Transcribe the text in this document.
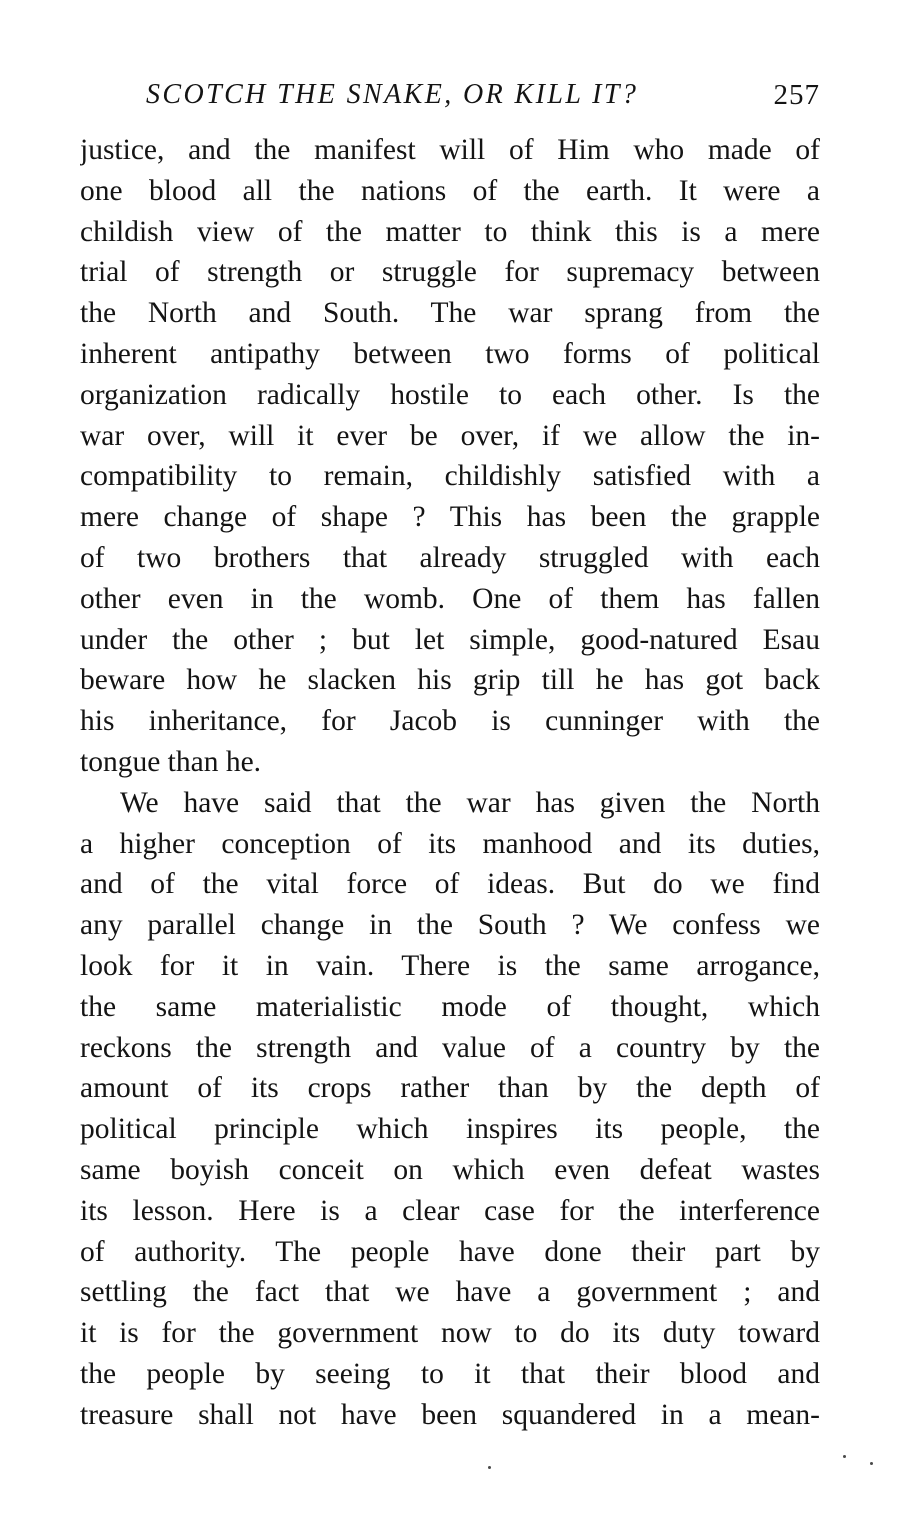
SCOTCH THE SNAKE, OR KILL IT?	257
justice, and the manifest will of Him who made of
one blood all the nations of the earth. It were a
childish view of the matter to think this is a mere
trial of strength or struggle for supremacy between
the North and South. The war sprang from the
inherent antipathy between two forms of political
organization radically hostile to each other. Is the
war over, will it ever be over, if we allow the in-
compatibility to remain, childishly satisfied with a
mere change of shape ? This has been the grapple
of two brothers that already struggled with each
other even in the womb. One of them has fallen
under the other ; but let simple, good-natured Esau
beware how he slacken his grip till he has got back
his inheritance, for Jacob is cunninger with the
tongue than he.
We have said that the war has given the North
a higher conception of its manhood and its duties,
and of the vital force of ideas. But do we find
any parallel change in the South ? We confess we
look for it in vain. There is the same arrogance,
the same materialistic mode of thought, which
reckons the strength and value of a country by the
amount of its crops rather than by the depth of
political principle which inspires its people, the
same boyish conceit on which even defeat wastes
its lesson. Here is a clear case for the interference
of authority. The people have done their part by
settling the fact that we have a government ; and
it is for the government now to do its duty toward
the people by seeing to it that their blood and
treasure shall not have been squandered in a mean-
